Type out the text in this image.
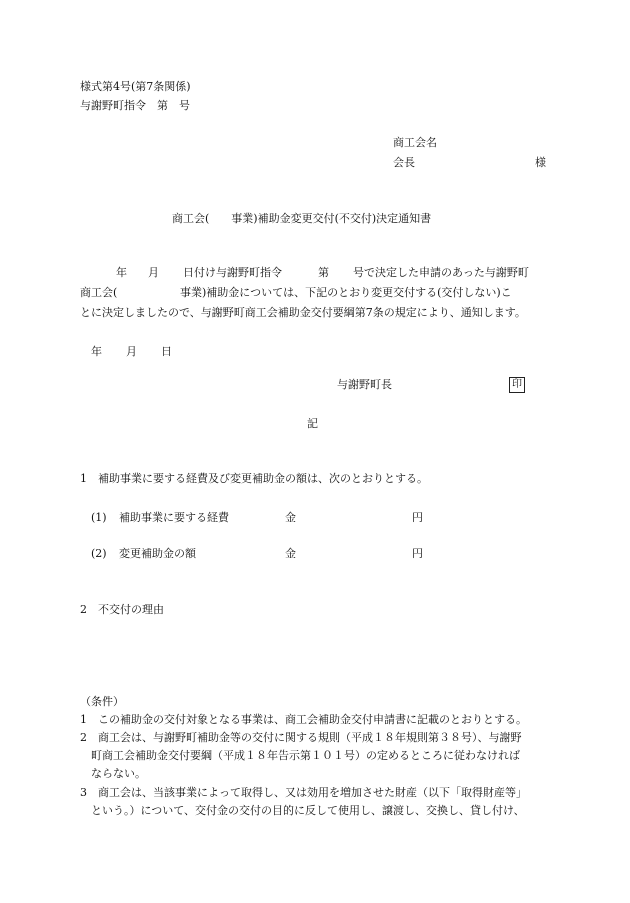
様式第4号(第7条関係)
与謝野町指令　第　号
商工会名
会長	様
商工会(　　事業)補助金変更交付(不交付)決定通知書
年 月 日付け与謝野町指令	第 号で決定した申請のあった与謝野町
商工会(	事業)補助金については、下記のとおり変更交付する(交付しない)こ
とに決定しましたので、与謝野町商工会補助金交付要綱第7条の規定により、通知します。
年 月 日
与謝野町長	印
記
1　補助事業に要する経費及び変更補助金の額は、次のとおりとする。
(1) 補助事業に要する経費	金	円
(2) 変更補助金の額	金	円
2　不交付の理由
（条件）
1　この補助金の交付対象となる事業は、商工会補助金交付申請書に記載のとおりとする。
2　商工会は、与謝野町補助金等の交付に関する規則（平成１８年規則第３８号）、与謝野
町商工会補助金交付要綱（平成１８年告示第１０１号）の定めるところに従わなければ
ならない。
3　商工会は、当該事業によって取得し、又は効用を増加させた財産（以下「取得財産等」
という。）について、交付金の交付の目的に反して使用し、譲渡し、交換し、貸し付け、
